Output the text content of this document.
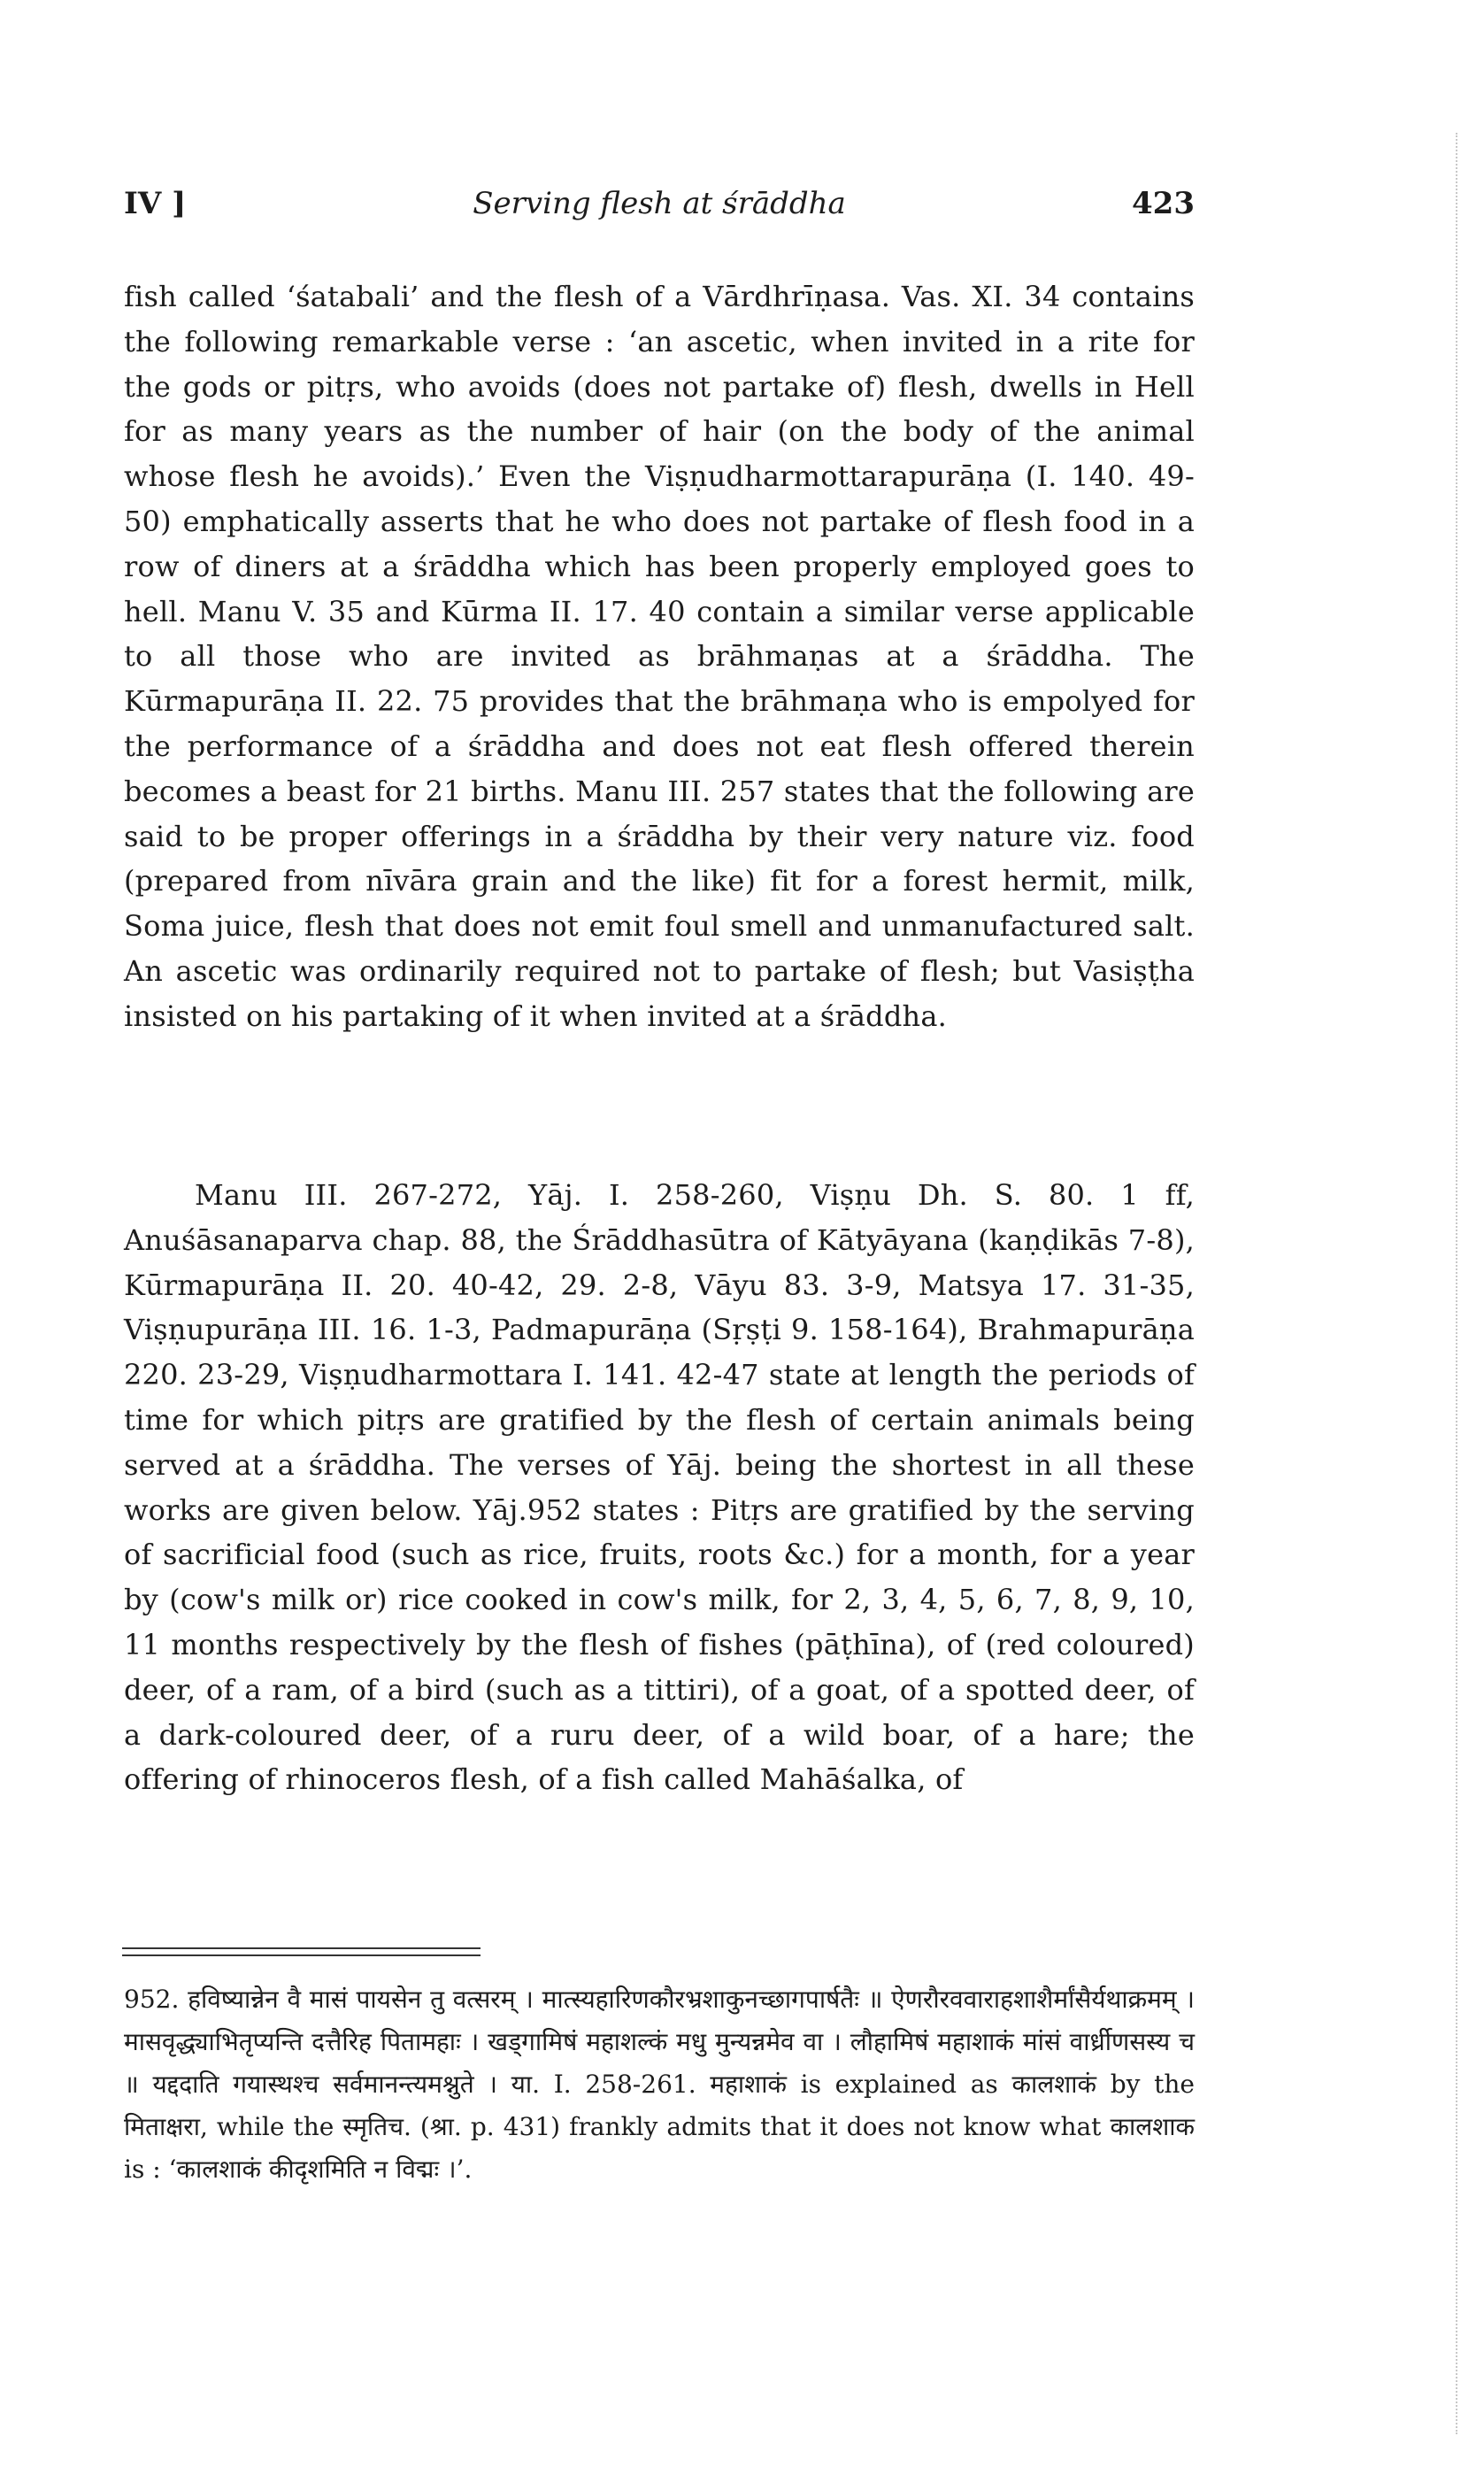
IV ]	Serving flesh at śrāddha	423
fish called ‘śatabali’ and the flesh of a Vārdhrīṇasa. Vas. XI. 34 contains the following remarkable verse : ‘an ascetic, when invited in a rite for the gods or pitṛs, who avoids (does not partake of) flesh, dwells in Hell for as many years as the number of hair (on the body of the animal whose flesh he avoids).’ Even the Viṣṇudharmottarapurāṇa (I. 140. 49-50) emphatically asserts that he who does not partake of flesh food in a row of diners at a śrāddha which has been properly employed goes to hell. Manu V. 35 and Kūrma II. 17. 40 contain a similar verse applicable to all those who are invited as brāhmaṇas at a śrāddha. The Kūrmapurāṇa II. 22. 75 provides that the brāhmaṇa who is empolyed for the performance of a śrāddha and does not eat flesh offered therein becomes a beast for 21 births. Manu III. 257 states that the following are said to be proper offerings in a śrāddha by their very nature viz. food (prepared from nīvāra grain and the like) fit for a forest hermit, milk, Soma juice, flesh that does not emit foul smell and unmanufactured salt. An ascetic was ordinarily required not to partake of flesh; but Vasiṣṭha insisted on his partaking of it when invited at a śrāddha.
Manu III. 267-272, Yāj. I. 258-260, Viṣṇu Dh. S. 80. 1 ff, Anuśāsanaparva chap. 88, the Śrāddhasūtra of Kātyāyana (kaṇḍikās 7-8), Kūrmapurāṇa II. 20. 40-42, 29. 2-8, Vāyu 83. 3-9, Matsya 17. 31-35, Viṣṇupurāṇa III. 16. 1-3, Padmapurāṇa (Sṛṣṭi 9. 158-164), Brahmapurāṇa 220. 23-29, Viṣṇudharmottara I. 141. 42-47 state at length the periods of time for which pitṛs are gratified by the flesh of certain animals being served at a śrāddha. The verses of Yāj. being the shortest in all these works are given below. Yāj.952 states : Pitṛs are gratified by the serving of sacrificial food (such as rice, fruits, roots &c.) for a month, for a year by (cow's milk or) rice cooked in cow's milk, for 2, 3, 4, 5, 6, 7, 8, 9, 10, 11 months respectively by the flesh of fishes (pāṭhīna), of (red coloured) deer, of a ram, of a bird (such as a tittiri), of a goat, of a spotted deer, of a dark-coloured deer, of a ruru deer, of a wild boar, of a hare; the offering of rhinoceros flesh, of a fish called Mahāśalka, of
952. हविष्यान्नेन वै मासं पायसेन तु वत्सरम् । मात्स्यहारिणकौरभ्रशाकुनच्छागपार्षतैः ॥ ऐणरौरववाराहशाशैर्मांसैर्यथाक्रमम् । मासवृद्ध्याभितृप्यन्ति दत्तैरिह पितामहाः । खड्गामिषं महाशल्कं मधु मुन्यन्नमेव वा । लौहामिषं महाशाकं मांसं वार्ध्रीणसस्य च ॥ यद्ददाति गयास्थश्च सर्वमानन्त्यमश्नुते । या. I. 258-261. महाशाकं is explained as कालशाकं by the मिताक्षरा, while the स्मृतिच. (श्रा. p. 431) frankly admits that it does not know what कालशाक is : ‘कालशाकं कीदृशमिति न विद्मः ।’.
